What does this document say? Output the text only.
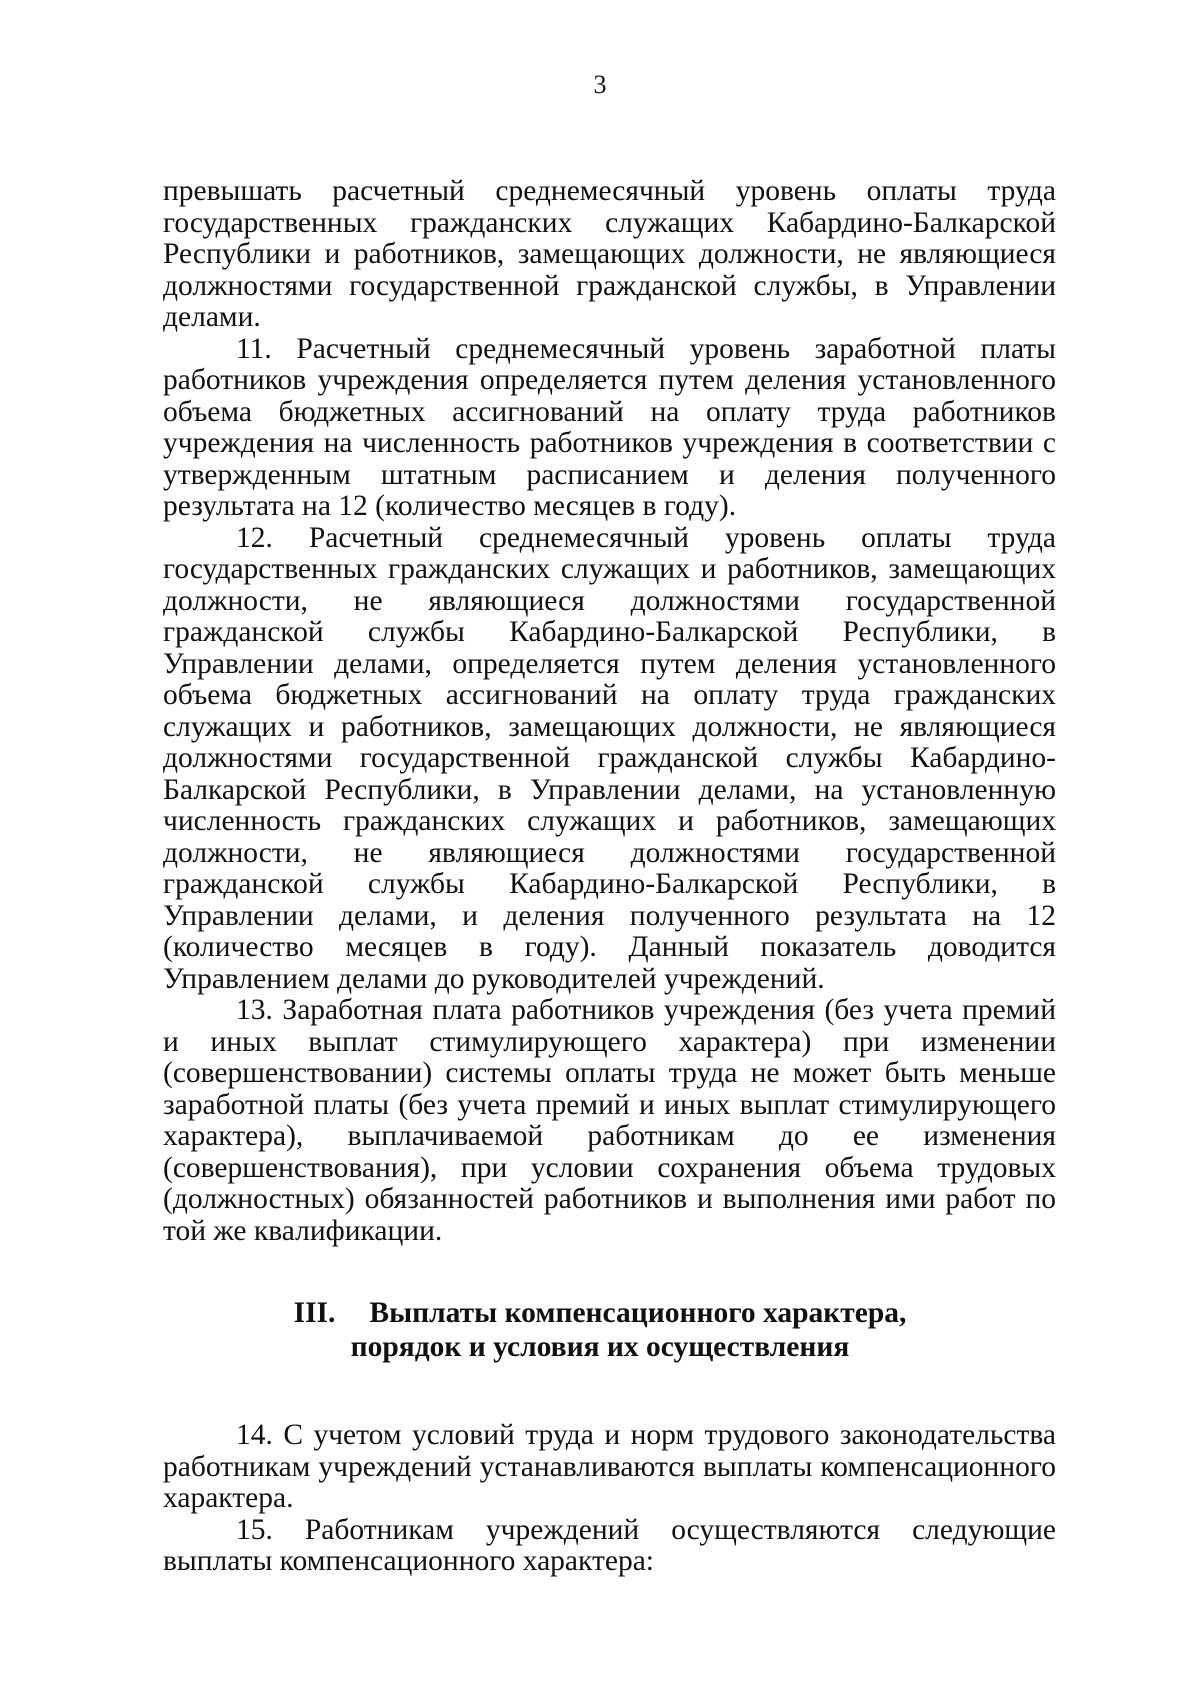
3

превышать расчетный среднемесячный уровень оплаты труда государственных гражданских служащих Кабардино-Балкарской Республики и работников, замещающих должности, не являющиеся должностями государственной гражданской службы, в Управлении делами.

11. Расчетный среднемесячный уровень заработной платы работников учреждения определяется путем деления установленного объема бюджетных ассигнований на оплату труда работников учреждения на численность работников учреждения в соответствии с утвержденным штатным расписанием и деления полученного результата на 12 (количество месяцев в году).

12. Расчетный среднемесячный уровень оплаты труда государственных гражданских служащих и работников, замещающих должности, не являющиеся должностями государственной гражданской службы Кабардино-Балкарской Республики, в Управлении делами, определяется путем деления установленного объема бюджетных ассигнований на оплату труда гражданских служащих и работников, замещающих должности, не являющиеся должностями государственной гражданской службы Кабардино-Балкарской Республики, в Управлении делами, на установленную численность гражданских служащих и работников, замещающих должности, не являющиеся должностями государственной гражданской службы Кабардино-Балкарской Республики, в Управлении делами, и деления полученного результата на 12 (количество месяцев в году). Данный показатель доводится Управлением делами до руководителей учреждений.

13. Заработная плата работников учреждения (без учета премий и иных выплат стимулирующего характера) при изменении (совершенствовании) системы оплаты труда не может быть меньше заработной платы (без учета премий и иных выплат стимулирующего характера), выплачиваемой работникам до ее изменения (совершенствования), при условии сохранения объема трудовых (должностных) обязанностей работников и выполнения ими работ по той же квалификации.

III. Выплаты компенсационного характера,
порядок и условия их осуществления

14. С учетом условий труда и норм трудового законодательства работникам учреждений устанавливаются выплаты компенсационного характера.

15. Работникам учреждений осуществляются следующие выплаты компенсационного характера:
